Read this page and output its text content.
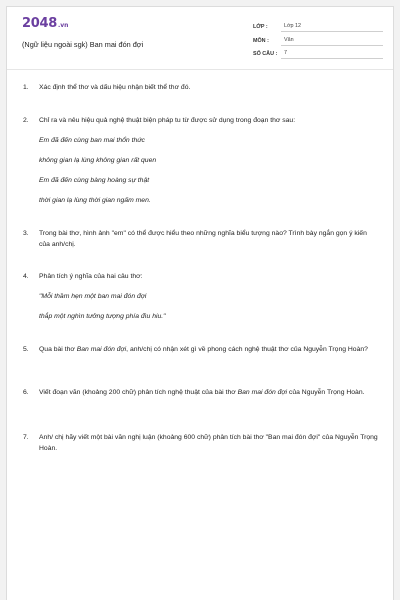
2048 .vn
(Ngữ liệu ngoài sgk) Ban mai đón đợi
LỚP :	Lớp 12
MÔN :	Văn
SỐ CÂU :	7
1.	Xác định thể thơ và dấu hiệu nhận biết thể thơ đó.
2.	Chỉ ra và nêu hiệu quả nghệ thuật biện pháp tu từ được sử dụng trong đoạn thơ sau:
Em đã đến cùng ban mai thổn thức
không gian lạ lùng không gian rất quen
Em đã đến cùng bàng hoàng sự thật
thời gian lạ lùng thời gian ngấm men.
3.	Trong bài thơ, hình ảnh "em" có thể được hiểu theo những nghĩa biểu tượng nào? Trình bày ngắn gọn ý kiến của anh/chị.
4.	Phân tích ý nghĩa của hai câu thơ:
"Mỗi thầm hẹn một ban mai đón đợi
thắp một nghìn tưởng tượng phía đìu hiu."
5.	Qua bài thơ Ban mai đón đợi, anh/chị có nhận xét gì về phong cách nghệ thuật thơ của Nguyễn Trọng Hoàn?
6.	Viết đoạn văn (khoảng 200 chữ) phân tích nghệ thuật của bài thơ Ban mai đón đợi của Nguyễn Trọng Hoàn.
7.	Anh/ chị hãy viết một bài văn nghị luận (khoảng 600 chữ) phân tích bài thơ "Ban mai đón đợi" của Nguyễn Trọng Hoàn.
